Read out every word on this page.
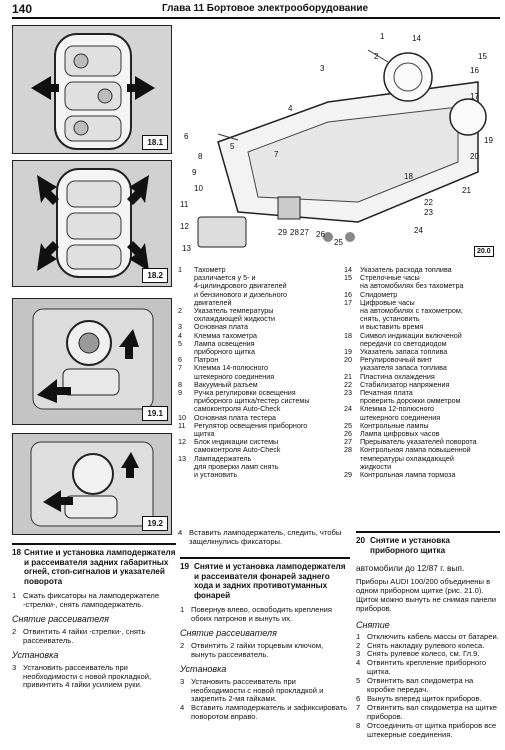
140	Глава 11 Бортовое электрооборудование
18.1
18.2
19.1
19.2
6
8
9
10
11
12
13
5
7
4
3
2
1	14
15
16
17
19
20
21
22
23
24
25
26
27
29 28
18
20.0
1	Тахометр
различается у 5- и
4-цилиндрового двигателей
и бензинового и дизельного
двигателей
2	Указатель температуры
охлаждающей жидкости
3	Основная плата
4	Клемма тахометра
5	Лампа освещения
приборного щитка
6	Патрон
7	Клемма 14-полюсного
штекерного соединения
8	Вакуумный разъем
9	Ручка регулировки освещения
приборного щитка/тестер системы
самоконтроля Auto-Check
10	Основная плата тестера
11	Регулятор освещения приборного
щитка
12	Блок индикации системы
самоконтроля Auto-Check
13	Лампадержатель
для проверки ламп снять
и установить
14	Указатель расхода топлива
15	Стрелочные часы
на автомобилях без тахометра
16	Спидометр
17	Цифровые часы
на автомобилях с тахометром,
снять, установить
и выставить время
18	Символ индикации включеной
передачи со светодиодом
19	Указатель запаса топлива
20	Регулировочный винт
указателя запаса топлива
21	Пластина охлаждения
22	Стабилизатор напряжения
23	Печатная плата
проверить дорожки омметром
24	Клемма 12-полюсного
штекерного соединения
25	Контрольные лампы
26	Лампа цифровых часов
27	Прерыватель указателей поворота
28	Контрольная лампа повышенной
температуры охлаждающей
жидкости
29	Контрольная лампа тормоза
4 Вставить ламподержатель, следить, чтобы защелкнулись фиксаторы.
18 Снятие и установка ламподержателя и рассеивателя задних габаритных огней, стоп-сигналов и указателей поворота
1 Сжать фиксаторы на ламподержателе -стрелки-, снять ламподержатель.
Снятие рассеивателя
2 Отвинтить 4 гайки -стрелки-, снять рассеиватель.
Установка
3 Установить рассеиватель при необходимости с новой прокладкой, привинтить 4 гайки усилием руки.
19 Снятие и установка ламподержателя и рассеивателя фонарей заднего хода и задних противотуманных фонарей
1 Повернув влево, освободить крепления обоих патронов и вынуть их.
Снятие рассеивателя
2 Отвинтить 2 гайки торцевым ключом, вынуть рассеиватель.
Установка
3 Установить рассеиватель при необходимости с новой прокладкой и закрепить 2-мя гайками.
4 Вставить ламподержатель и зафиксировать поворотом вправо.
20 Снятие и установка приборного щитка
автомобили до 12/87 г. вып.
Приборы AUDI 100/200 объединены в одном приборном щитке (рис. 21.0). Щиток можно вынуть не снимая панели приборов.
Снятие
1 Отключить кабель массы от батареи.
2 Снять накладку рулевого колеса.
3 Снять рулевое колесо, см. Гл.9.
4 Отвинтить крепление приборного щитка.
5 Отвинтить вал спидометра на коробке передач.
6 Вынуть вперед щиток приборов.
7 Отвинтить вал спидометра на щитке приборов.
8 Отсоединить от щитка приборов все штекерные соединения.
